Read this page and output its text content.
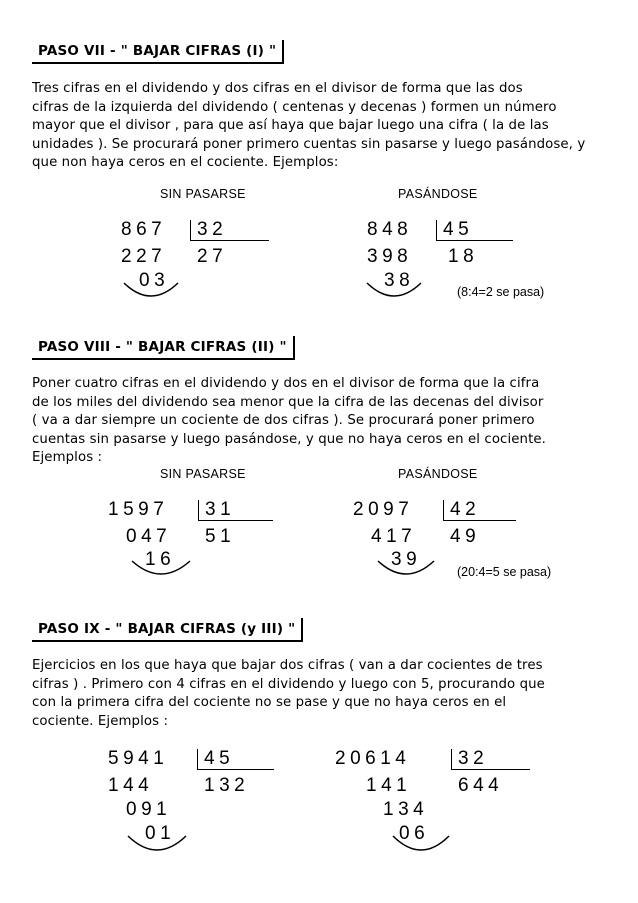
PASO VII - " BAJAR CIFRAS (I) "
Tres cifras en el dividendo y dos cifras en el divisor de forma que las dos
cifras de la izquierda del dividendo ( centenas y decenas ) formen un número
mayor que el divisor , para que así haya que bajar luego una cifra ( la de las
unidades ). Se procurará poner primero cuentas sin pasarse y luego pasándose, y
que non haya ceros en el cociente. Ejemplos:
SIN PASARSE	PASÁNDOSE
867 32
227 27
03
848 45
398 18
38
(8:4=2 se pasa)
PASO VIII - " BAJAR CIFRAS (II) "
Poner cuatro cifras en el dividendo y dos en el divisor de forma que la cifra
de los miles del dividendo sea menor que la cifra de las decenas del divisor
( va a dar siempre un cociente de dos cifras ). Se procurará poner primero
cuentas sin pasarse y luego pasándose, y que no haya ceros en el cociente.
Ejemplos :
SIN PASARSE	PASÁNDOSE
1597 31
047 51
16
2097 42
417 49
39
(20:4=5 se pasa)
PASO IX - " BAJAR CIFRAS (y III) "
Ejercicios en los que haya que bajar dos cifras ( van a dar cocientes de tres
cifras ) . Primero con 4 cifras en el dividendo y luego con 5, procurando que
con la primera cifra del cociente no se pase y que no haya ceros en el
cociente. Ejemplos :
5941 45
144	132
091
01
20614	32
141 644
134
06
